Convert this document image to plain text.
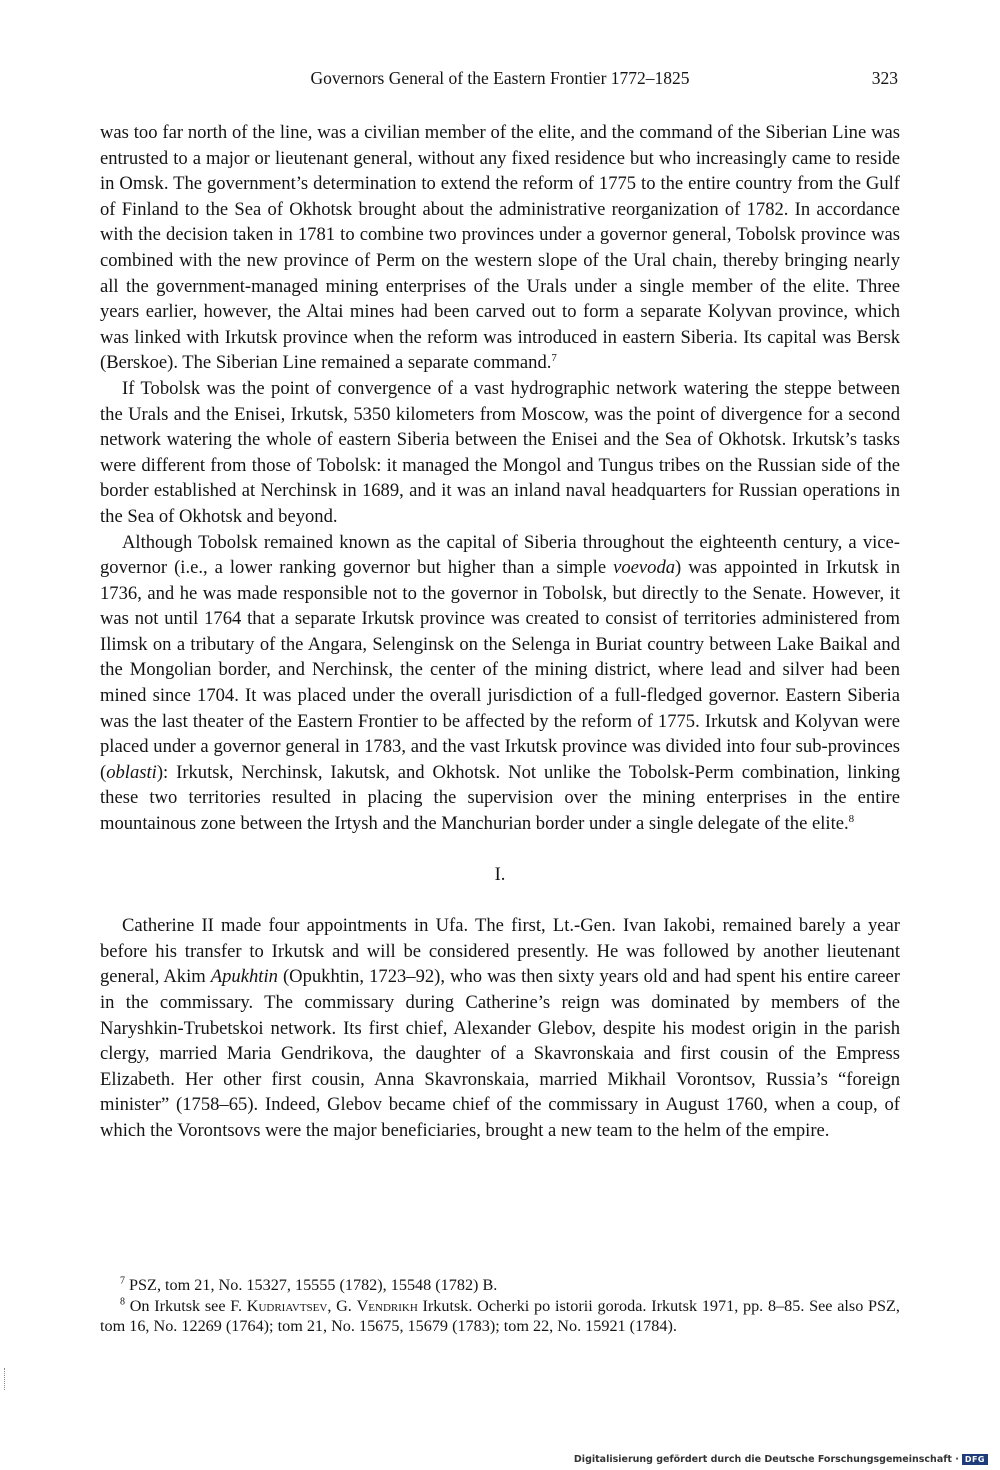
Governors General of the Eastern Frontier 1772–1825	323

was too far north of the line, was a civilian member of the elite, and the command of the Siberian Line was entrusted to a major or lieutenant general, without any fixed residence but who increasingly came to reside in Omsk. The government’s determination to extend the reform of 1775 to the entire country from the Gulf of Finland to the Sea of Okhotsk brought about the administrative reorganization of 1782. In accordance with the decision taken in 1781 to combine two provinces under a governor general, Tobolsk province was combined with the new province of Perm on the western slope of the Ural chain, thereby bringing nearly all the government-managed mining enterprises of the Urals under a single member of the elite. Three years earlier, however, the Altai mines had been carved out to form a separate Kolyvan province, which was linked with Irkutsk province when the reform was introduced in eastern Siberia. Its capital was Bersk (Berskoe). The Siberian Line remained a separate command.$^7$

If Tobolsk was the point of convergence of a vast hydrographic network watering the steppe between the Urals and the Enisei, Irkutsk, 5350 kilometers from Moscow, was the point of divergence for a second network watering the whole of eastern Siberia between the Enisei and the Sea of Okhotsk. Irkutsk’s tasks were different from those of Tobolsk: it managed the Mongol and Tungus tribes on the Russian side of the border established at Nerchinsk in 1689, and it was an inland naval headquarters for Russian operations in the Sea of Okhotsk and beyond.

Although Tobolsk remained known as the capital of Siberia throughout the eighteenth century, a vice-governor (i.e., a lower ranking governor but higher than a simple voevoda) was appointed in Irkutsk in 1736, and he was made responsible not to the governor in Tobolsk, but directly to the Senate. However, it was not until 1764 that a separate Irkutsk province was created to consist of territories administered from Ilimsk on a tributary of the Angara, Selenginsk on the Selenga in Buriat country between Lake Baikal and the Mongolian border, and Nerchinsk, the center of the mining district, where lead and silver had been mined since 1704. It was placed under the overall jurisdiction of a full-fledged governor. Eastern Siberia was the last theater of the Eastern Frontier to be affected by the reform of 1775. Irkutsk and Kolyvan were placed under a governor general in 1783, and the vast Irkutsk province was divided into four sub-provinces (oblasti): Irkutsk, Nerchinsk, Iakutsk, and Okhotsk. Not unlike the Tobolsk-Perm combination, linking these two territories resulted in placing the supervision over the mining enterprises in the entire mountainous zone between the Irtysh and the Manchurian border under a single delegate of the elite.$^8$

I.

Catherine II made four appointments in Ufa. The first, Lt.-Gen. Ivan Iakobi, remained barely a year before his transfer to Irkutsk and will be considered presently. He was followed by another lieutenant general, Akim Apukhtin (Opukhtin, 1723–92), who was then sixty years old and had spent his entire career in the commissary. The commissary during Catherine’s reign was dominated by members of the Naryshkin-Trubetskoi network. Its first chief, Alexander Glebov, despite his modest origin in the parish clergy, married Maria Gendrikova, the daughter of a Skavronskaia and first cousin of the Empress Elizabeth. Her other first cousin, Anna Skavronskaia, married Mikhail Vorontsov, Russia’s “foreign minister” (1758–65). Indeed, Glebov became chief of the commissary in August 1760, when a coup, of which the Vorontsovs were the major beneficiaries, brought a new team to the helm of the empire.

$^7$ PSZ, tom 21, No. 15327, 15555 (1782), 15548 (1782) B.

$^8$ On Irkutsk see F. Kudriavtsev, G. Vendrikh Irkutsk. Ocherki po istorii goroda. Irkutsk 1971, pp. 8–85. See also PSZ, tom 16, No. 12269 (1764); tom 21, No. 15675, 15679 (1783); tom 22, No. 15921 (1784).

Digitalisierung gefördert durch die Deutsche Forschungsgemeinschaft · DFG
